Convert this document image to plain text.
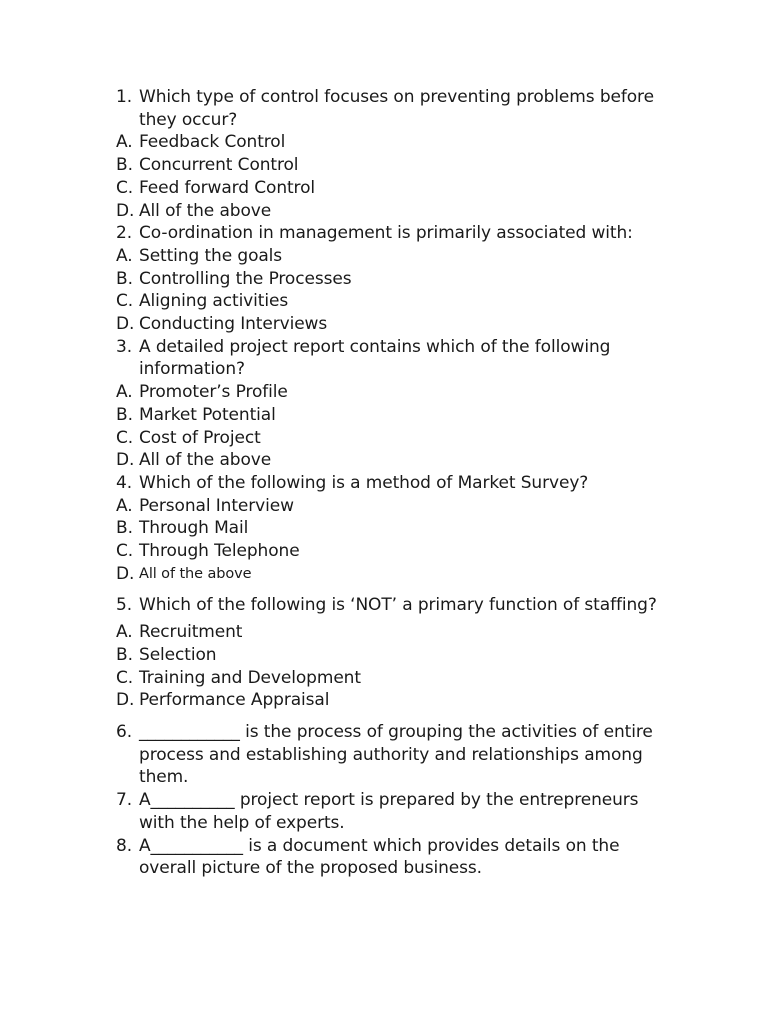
1. Which type of control focuses on preventing problems before they occur?
A. Feedback Control
B. Concurrent Control
C. Feed forward Control
D. All of the above
2. Co-ordination in management is primarily associated with:
A. Setting the goals
B. Controlling the Processes
C. Aligning activities
D. Conducting Interviews
3. A detailed project report contains which of the following information?
A. Promoter’s Profile
B. Market Potential
C. Cost of Project
D. All of the above
4. Which of the following is a method of Market Survey?
A. Personal Interview
B. Through Mail
C. Through Telephone
D. All of the above
5. Which of the following is ‘NOT’ a primary function of staffing?
A. Recruitment
B. Selection
C. Training and Development
D. Performance Appraisal
6. ____________ is the process of grouping the activities of entire process and establishing authority and relationships among them.
7. A__________ project report is prepared by the entrepreneurs with the help of experts.
8. A___________ is a document which provides details on the overall picture of the proposed business.
